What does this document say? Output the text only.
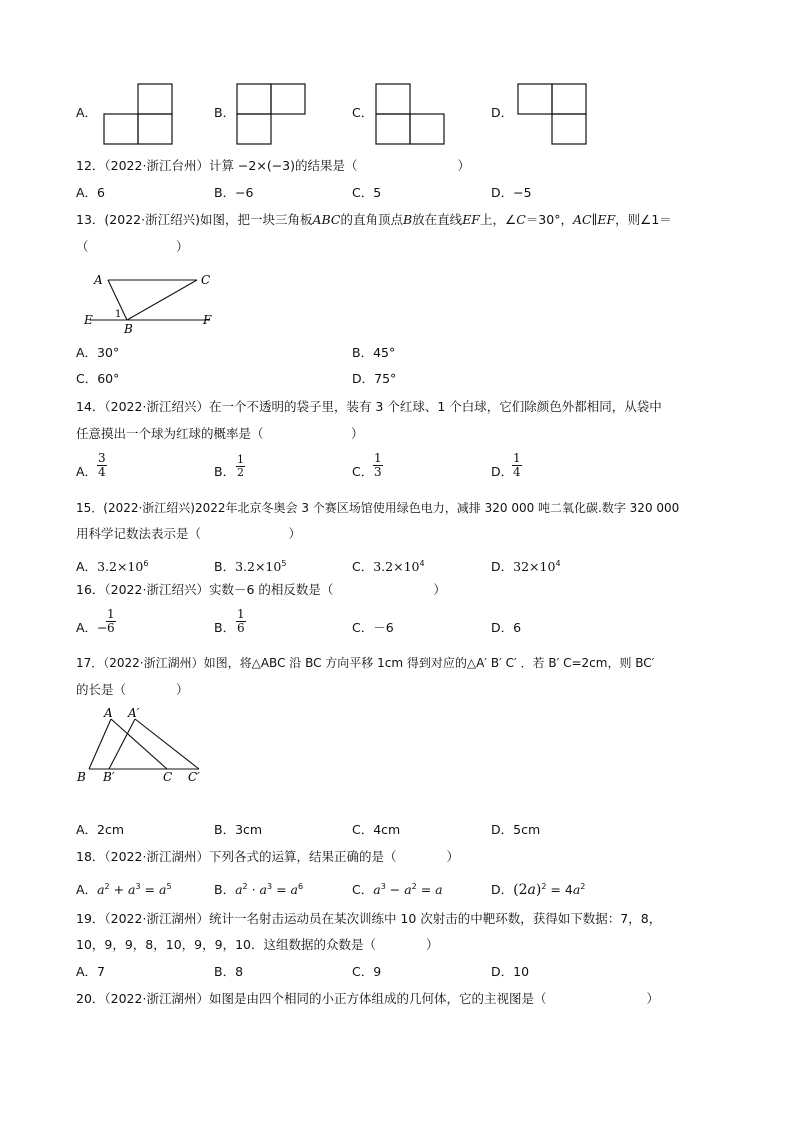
A．	B．	C．	D．
12．（2022·浙江台州）计算 −2×(−3)的结果是（　　　　　　　　）
A．6	B．−6	C．5	D．−5
13．(2022·浙江绍兴)如图，把一块三角板ABC的直角顶点B放在直线EF上，∠C＝30°，AC∥EF，则∠1＝
（　　　　　　　）
A	C
E	F
B
1
A．30°	B．45°
C．60°	D．75°
14．（2022·浙江绍兴）在一个不透明的袋子里，装有 3 个红球、1 个白球，它们除颜色外都相同，从袋中
任意摸出一个球为红球的概率是（　　　　　　　）
A． $\frac{3}{4}$	B． $\frac{1}{2}$	C． $\frac{1}{3}$	D．
$\frac{1}{4}$
15．(2022·浙江绍兴)2022年北京冬奥会 3 个赛区场馆使用绿色电力，减排 320 000 吨二氧化碳.数字 320 000
用科学记数法表示是（　　　　　　　）
A．$3.2\times 10^6$	B．$3.2\times 10^5$	C．$3.2\times 10^4$	D．$32\times 10^4$
16．（2022·浙江绍兴）实数－6 的相反数是（　　　　　　　　）
A． −
$\frac{1}{6}$	B． $\frac{1}{6}$	C．－6	D．6
17．（2022·浙江湖州）如图，将△ABC 沿 BC 方向平移 1cm 得到对应的△A′ B′ C′ ．若 B′ C=2cm，则 BC′
的长是（　　　　）
A A′
B B′	C C′
A．2cm	B．3cm	C．4cm	D．5cm
18．（2022·浙江湖州）下列各式的运算，结果正确的是（　　　　）
A．$a^2 + a^3 = a^5$	B．$a^2 \cdot a^3 = a^6$	C．$a^3 - a^2 = a$	D．$(2a)^2 = 4a^2$
19．（2022·浙江湖州）统计一名射击运动员在某次训练中 10 次射击的中靶环数，获得如下数据：7，8，
10，9，9，8，10，9，9，10．这组数据的众数是（　　　　）
A．7	B．8	C．9	D．10
20．（2022·浙江湖州）如图是由四个相同的小正方体组成的几何体，它的主视图是（　　　　　　　　）
